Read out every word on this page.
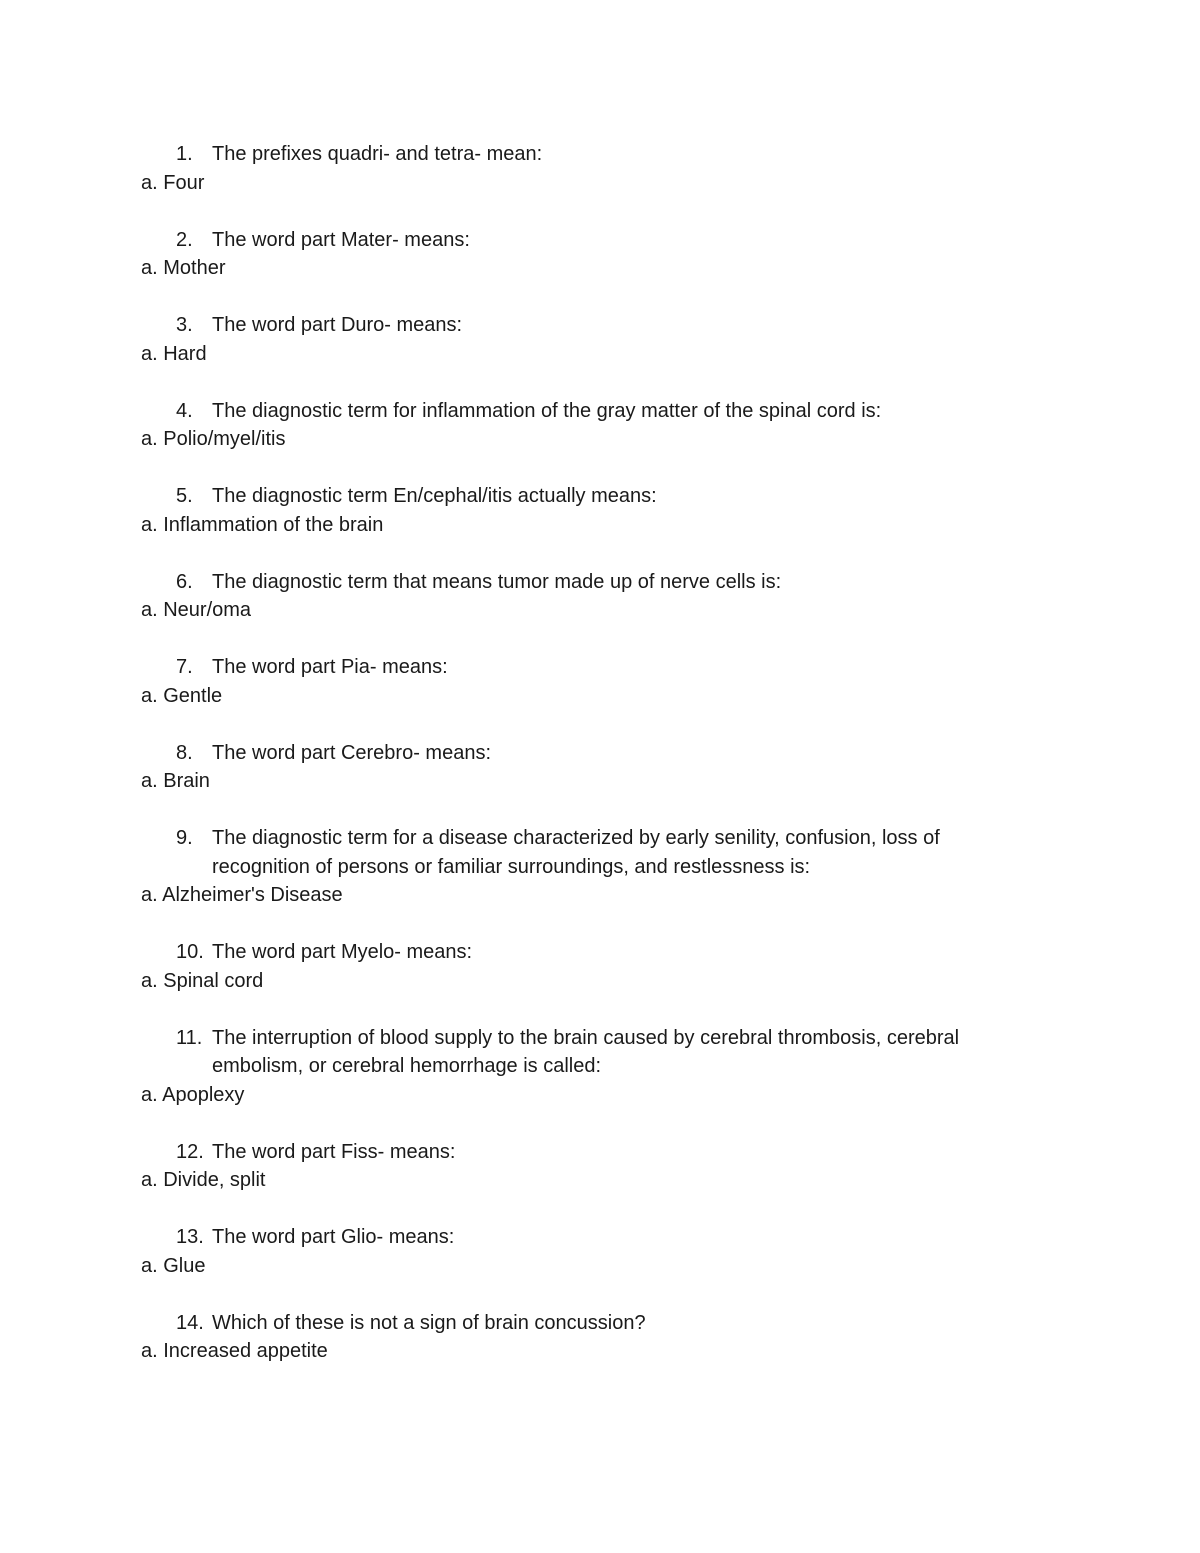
1. The prefixes quadri- and tetra- mean:
a. Four
2. The word part Mater- means:
a. Mother
3. The word part Duro- means:
a. Hard
4. The diagnostic term for inflammation of the gray matter of the spinal cord is:
a. Polio/myel/itis
5. The diagnostic term En/cephal/itis actually means:
a. Inflammation of the brain
6. The diagnostic term that means tumor made up of nerve cells is:
a. Neur/oma
7. The word part Pia- means:
a. Gentle
8. The word part Cerebro- means:
a. Brain
9. The diagnostic term for a disease characterized by early senility, confusion, loss of recognition of persons or familiar surroundings, and restlessness is:
a. Alzheimer's Disease
10. The word part Myelo- means:
a. Spinal cord
11. The interruption of blood supply to the brain caused by cerebral thrombosis, cerebral embolism, or cerebral hemorrhage is called:
a. Apoplexy
12. The word part Fiss- means:
a. Divide, split
13. The word part Glio- means:
a. Glue
14. Which of these is not a sign of brain concussion?
a. Increased appetite
